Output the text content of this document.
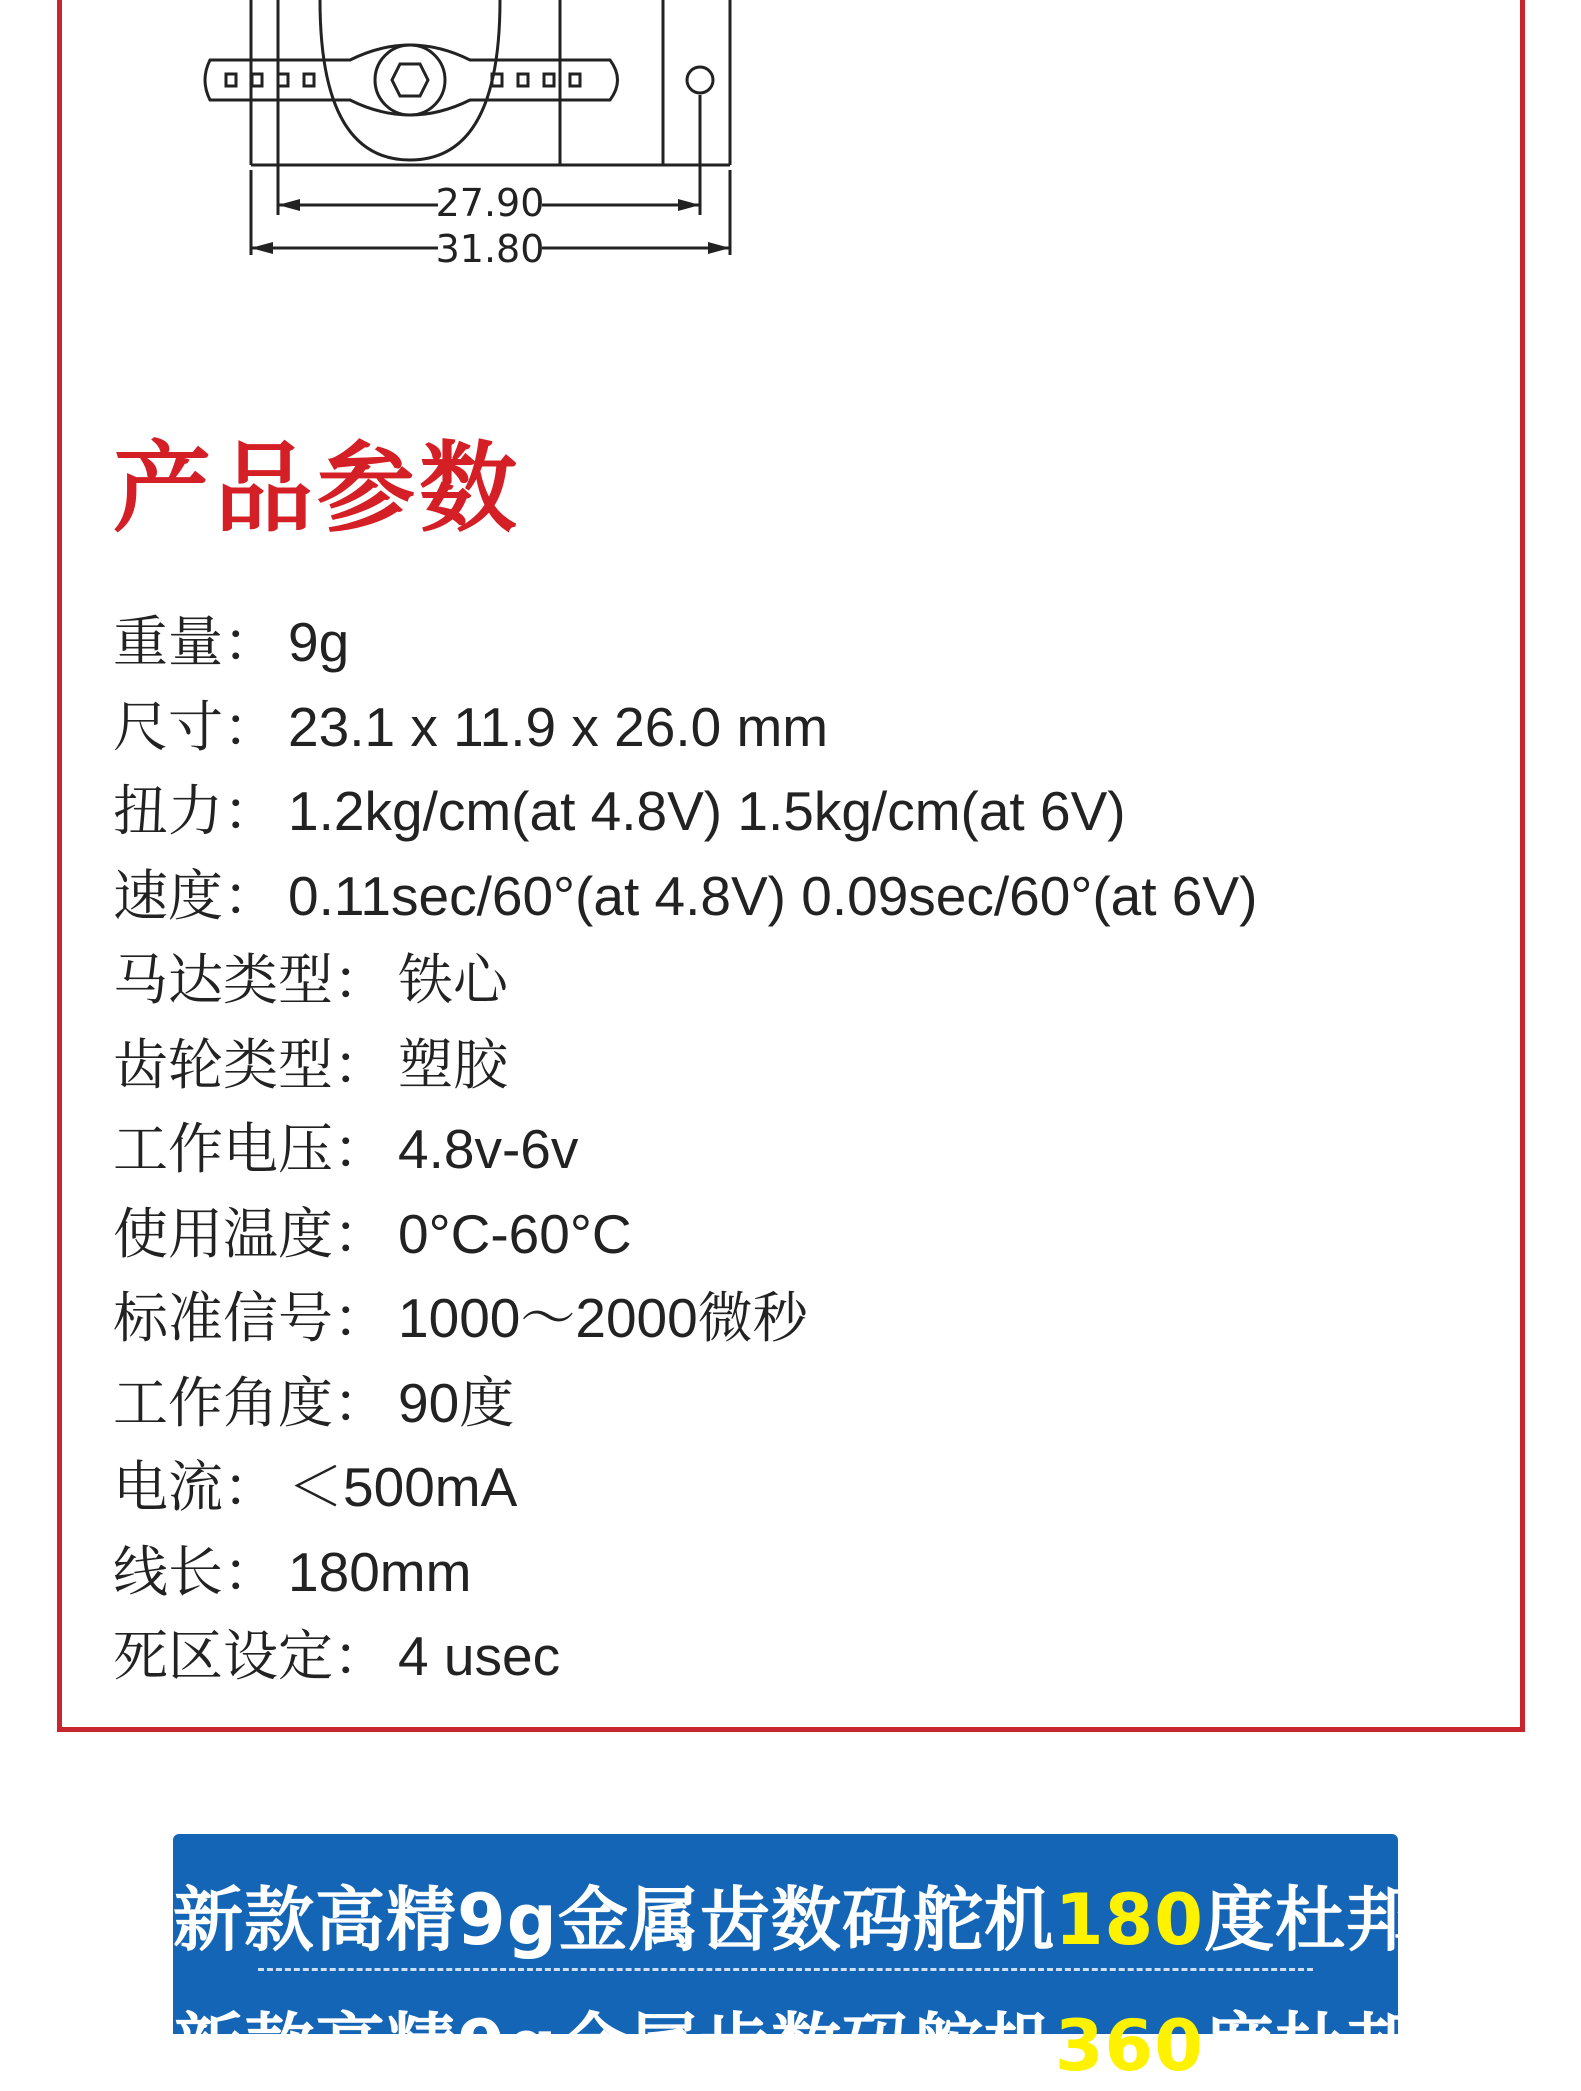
27.90
31.80
产品参数
重量： 9g
尺寸： 23.1 x 11.9 x 26.0 mm
扭力： 1.2kg/cm(at 4.8V) 1.5kg/cm(at 6V)
速度： 0.11sec/60°(at 4.8V) 0.09sec/60°(at 6V)
马达类型： 铁心
齿轮类型： 塑胶
工作电压： 4.8v-6v
使用温度： 0°C-60°C
标准信号： 1000～2000微秒
工作角度： 90度
电流： ＜500mA
线长： 180mm
死区设定： 4 usec
新款高精9g金属齿数码舵机180度杜邦头
新款高精9g金属齿数码舵机360度杜邦头
